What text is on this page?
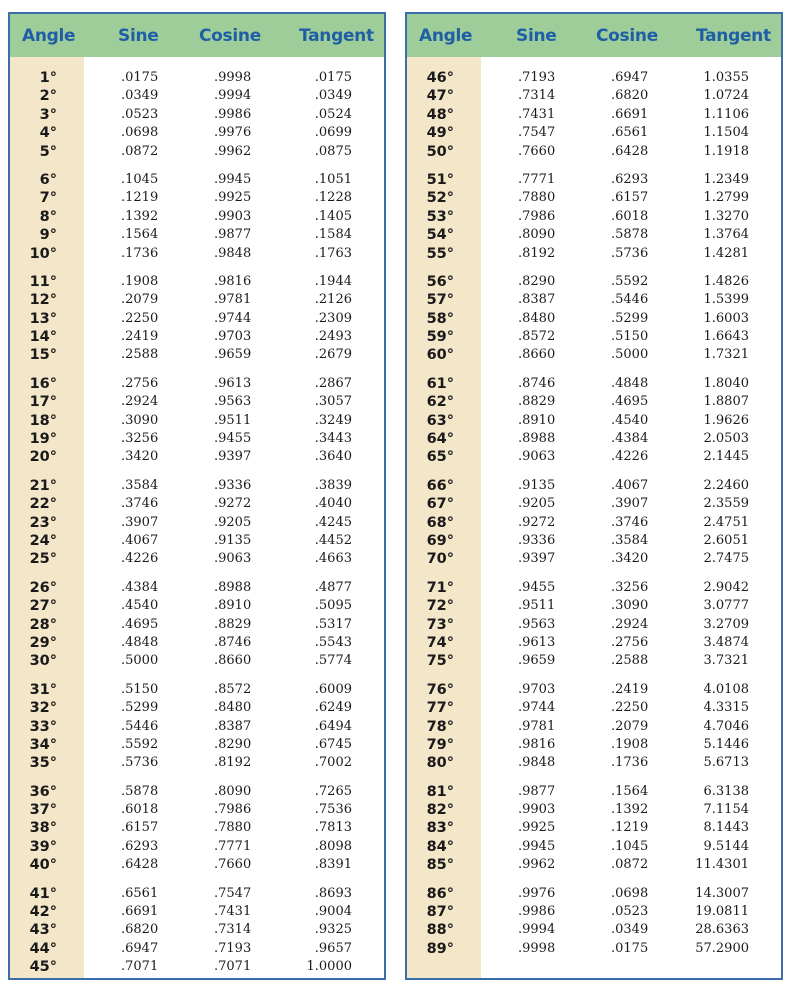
Angle	Sine Cosine Tangent
1°	.0175	.9998	.0175
2°	.0349	.9994	.0349
3°	.0523	.9986	.0524
4°	.0698	.9976	.0699
5°	.0872	.9962	.0875
6°	.1045	.9945	.1051
7°	.1219	.9925	.1228
8°	.1392	.9903	.1405
9°	.1564	.9877	.1584
10°	.1736	.9848	.1763
11°	.1908	.9816	.1944
12°	.2079	.9781	.2126
13°	.2250	.9744	.2309
14°	.2419	.9703	.2493
15°	.2588	.9659	.2679
16°	.2756	.9613	.2867
17°	.2924	.9563	.3057
18°	.3090	.9511	.3249
19°	.3256	.9455	.3443
20°	.3420	.9397	.3640
21°	.3584	.9336	.3839
22°	.3746	.9272	.4040
23°	.3907	.9205	.4245
24°	.4067	.9135	.4452
25°	.4226	.9063	.4663
26°	.4384	.8988	.4877
27°	.4540	.8910	.5095
28°	.4695	.8829	.5317
29°	.4848	.8746	.5543
30°	.5000	.8660	.5774
31°	.5150	.8572	.6009
32°	.5299	.8480	.6249
33°	.5446	.8387	.6494
34°	.5592	.8290	.6745
35°	.5736	.8192	.7002
36°	.5878	.8090	.7265
37°	.6018	.7986	.7536
38°	.6157	.7880	.7813
39°	.6293	.7771	.8098
40°	.6428	.7660	.8391
41°	.6561	.7547	.8693
42°	.6691	.7431	.9004
43°	.6820	.7314	.9325
44°	.6947	.7193	.9657
45°	.7071	.7071	1.0000
Angle	Sine Cosine Tangent
46°	.7193	.6947	1.0355
47°	.7314	.6820	1.0724
48°	.7431	.6691	1.1106
49°	.7547	.6561	1.1504
50°	.7660	.6428	1.1918
51°	.7771	.6293	1.2349
52°	.7880	.6157	1.2799
53°	.7986	.6018	1.3270
54°	.8090	.5878	1.3764
55°	.8192	.5736	1.4281
56°	.8290	.5592	1.4826
57°	.8387	.5446	1.5399
58°	.8480	.5299	1.6003
59°	.8572	.5150	1.6643
60°	.8660	.5000	1.7321
61°	.8746	.4848	1.8040
62°	.8829	.4695	1.8807
63°	.8910	.4540	1.9626
64°	.8988	.4384	2.0503
65°	.9063	.4226	2.1445
66°	.9135	.4067	2.2460
67°	.9205	.3907	2.3559
68°	.9272	.3746	2.4751
69°	.9336	.3584	2.6051
70°	.9397	.3420	2.7475
71°	.9455	.3256	2.9042
72°	.9511	.3090	3.0777
73°	.9563	.2924	3.2709
74°	.9613	.2756	3.4874
75°	.9659	.2588	3.7321
76°	.9703	.2419	4.0108
77°	.9744	.2250	4.3315
78°	.9781	.2079	4.7046
79°	.9816	.1908	5.1446
80°	.9848	.1736	5.6713
81°	.9877	.1564	6.3138
82°	.9903	.1392	7.1154
83°	.9925	.1219	8.1443
84°	.9945	.1045	9.5144
85°	.9962	.0872	11.4301
86°	.9976	.0698	14.3007
87°	.9986	.0523	19.0811
88°	.9994	.0349	28.6363
89°	.9998	.0175	57.2900
